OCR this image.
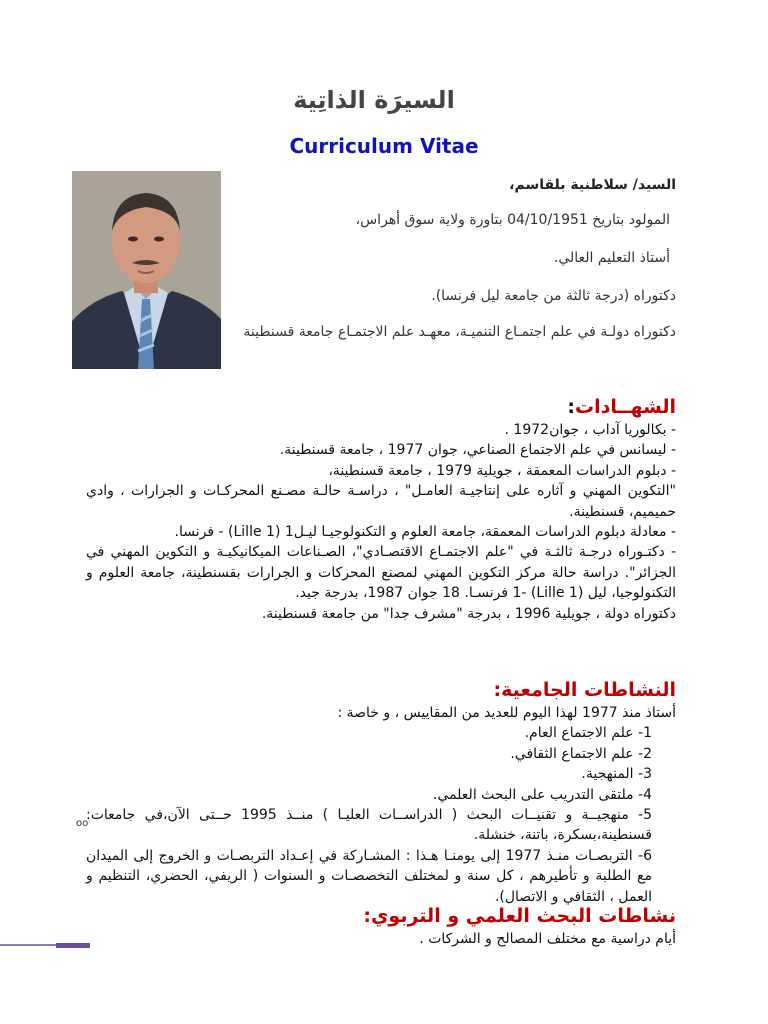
السيرَة الذاتِية
Curriculum Vitae
السيد/ سلاطنية بلقاسم،
المولود بتاريخ 04/10/1951 بتاورة ولاية سوق أهراس،
أستاذ التعليم العالي.
دكتوراه (درجة ثالثة من جامعة ليل فرنسا).
دكتوراه دولـة في علم اجتمـاع التنميـة، معهـد علم الاجتمـاع جامعة قسنطينة
الشهــادات:
- بكالوريا آداب ، جوان1972 .
- ليسانس في علم الاجتماع الصناعي، جوان 1977 ، جامعة قسنطينة.
- دبلوم الدراسات المعمقة ، جويلية 1979 ، جامعة قسنطينة،
"التكوين المهني و آثاره على إنتاجيـة العامـل" ، دراسـة حالـة مصـنع المحركـات و الجرارات ، وادي حميميم، قسنطينة.
- معادلة دبلوم الدراسات المعمقة، جامعة العلوم و التكنولوجيـا ليـل1 (Lille 1) - فرنسا.
- دكتـوراه درجـة ثالثـة في "علم الاجتمـاع الاقتصـادي"، الصـناعات الميكانيكيـة و التكوين المهني في الجزائر". دراسة حالة مركز التكوين المهني لمصنع المحركات و الجرارات بقسنطينة، جامعة العلوم و التكنولوجيا، ليل (Lille 1) -1 فرنسـا. 18 جوان 1987، بدرجة جيد.
دكتوراه دولة ، جويلية 1996 ، بدرجة "مشرف جدا" من جامعة قسنطينة.
النشاطات الجامعية:
أستاذ منذ 1977 لهذا اليوم للعديد من المقاييس ، و خاصة :
1- علم الاجتماع العام.
2- علم الاجتماع الثقافي.
3- المنهجية.
4- ملتقى التدريب على البحث العلمي.
5- منهجيــة و تقنيــات البحث ( الدراســات العليـا ) منــذ 1995 حــتى الآن،في جامعات: قسنطينة،بسكرة، باتنة، خنشلة.
6- التربصـات منـذ 1977 إلى يومنـا هـذا : المشـاركة في إعـداد التربصـات و الخروج إلى الميدان مع الطلبة و تأطيرهم ، كل سنة و لمختلف التخصصـات و السنوات ( الريفي، الحضري، التنظيم و العمل ، الثقافي و الاتصال).
oo
نشاطات البحث العلمي و التربوي:
أيام دراسية مع مختلف المصالح و الشركات .
